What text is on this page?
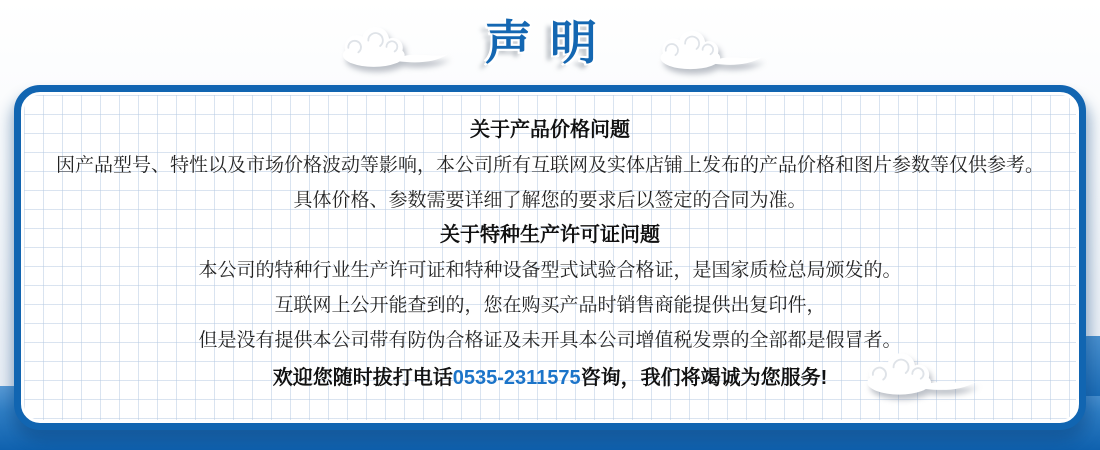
声明

关于产品价格问题

因产品型号、特性以及市场价格波动等影响，本公司所有互联网及实体店铺上发布的产品价格和图片参数等仅供参考。

具体价格、参数需要详细了解您的要求后以签定的合同为准。

关于特种生产许可证问题

本公司的特种行业生产许可证和特种设备型式试验合格证，是国家质检总局颁发的。

互联网上公开能查到的，您在购买产品时销售商能提供出复印件，

但是没有提供本公司带有防伪合格证及未开具本公司增值税发票的全部都是假冒者。

欢迎您随时拔打电话0535-2311575咨询，我们将竭诚为您服务!
